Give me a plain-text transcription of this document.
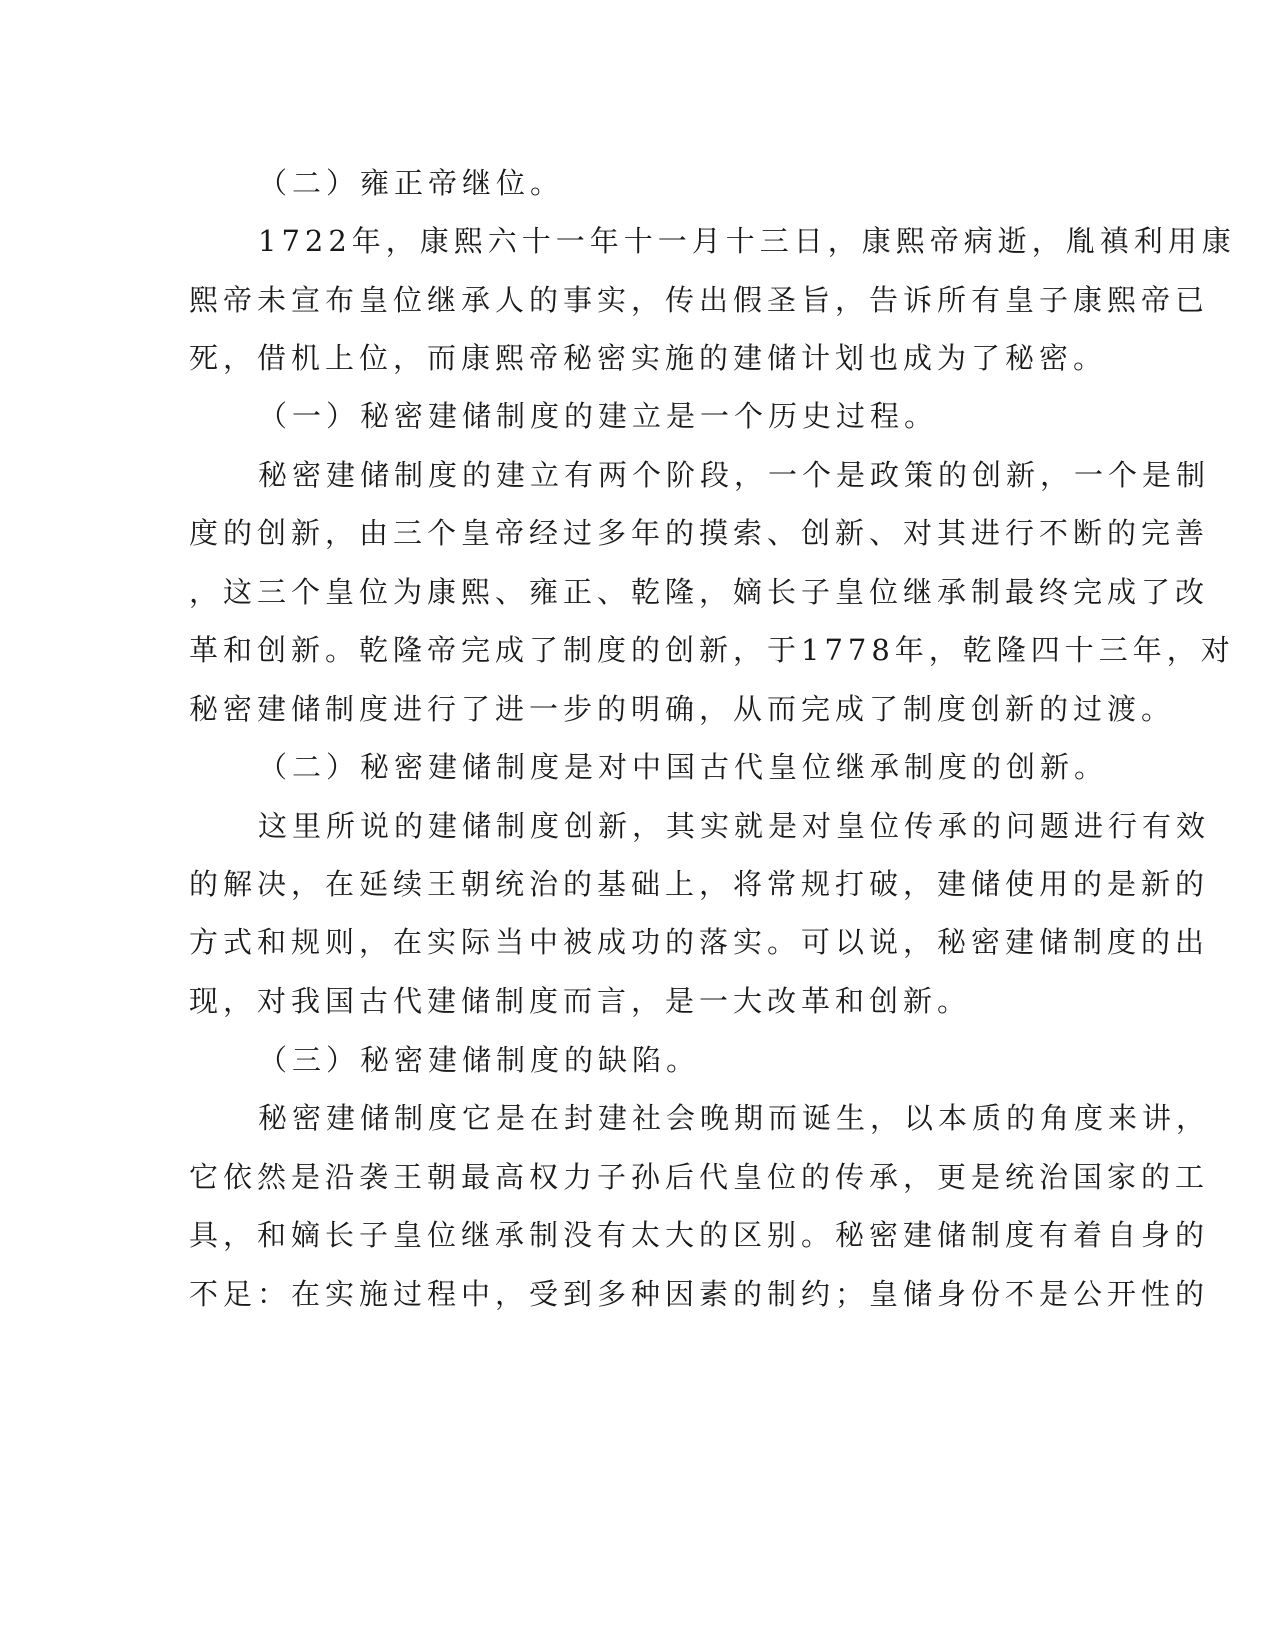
（二）雍正帝继位。

1722年，康熙六十一年十一月十三日，康熙帝病逝，胤禛利用康

熙帝未宣布皇位继承人的事实，传出假圣旨，告诉所有皇子康熙帝已

死，借机上位，而康熙帝秘密实施的建储计划也成为了秘密。

（一）秘密建储制度的建立是一个历史过程。

秘密建储制度的建立有两个阶段，一个是政策的创新，一个是制

度的创新，由三个皇帝经过多年的摸索、创新、对其进行不断的完善

，这三个皇位为康熙、雍正、乾隆，嫡长子皇位继承制最终完成了改

革和创新。乾隆帝完成了制度的创新，于1778年，乾隆四十三年，对

秘密建储制度进行了进一步的明确，从而完成了制度创新的过渡。

（二）秘密建储制度是对中国古代皇位继承制度的创新。

这里所说的建储制度创新，其实就是对皇位传承的问题进行有效

的解决，在延续王朝统治的基础上，将常规打破，建储使用的是新的

方式和规则，在实际当中被成功的落实。可以说，秘密建储制度的出

现，对我国古代建储制度而言，是一大改革和创新。

（三）秘密建储制度的缺陷。

秘密建储制度它是在封建社会晚期而诞生，以本质的角度来讲，

它依然是沿袭王朝最高权力子孙后代皇位的传承，更是统治国家的工

具，和嫡长子皇位继承制没有太大的区别。秘密建储制度有着自身的

不足：在实施过程中，受到多种因素的制约；皇储身份不是公开性的
